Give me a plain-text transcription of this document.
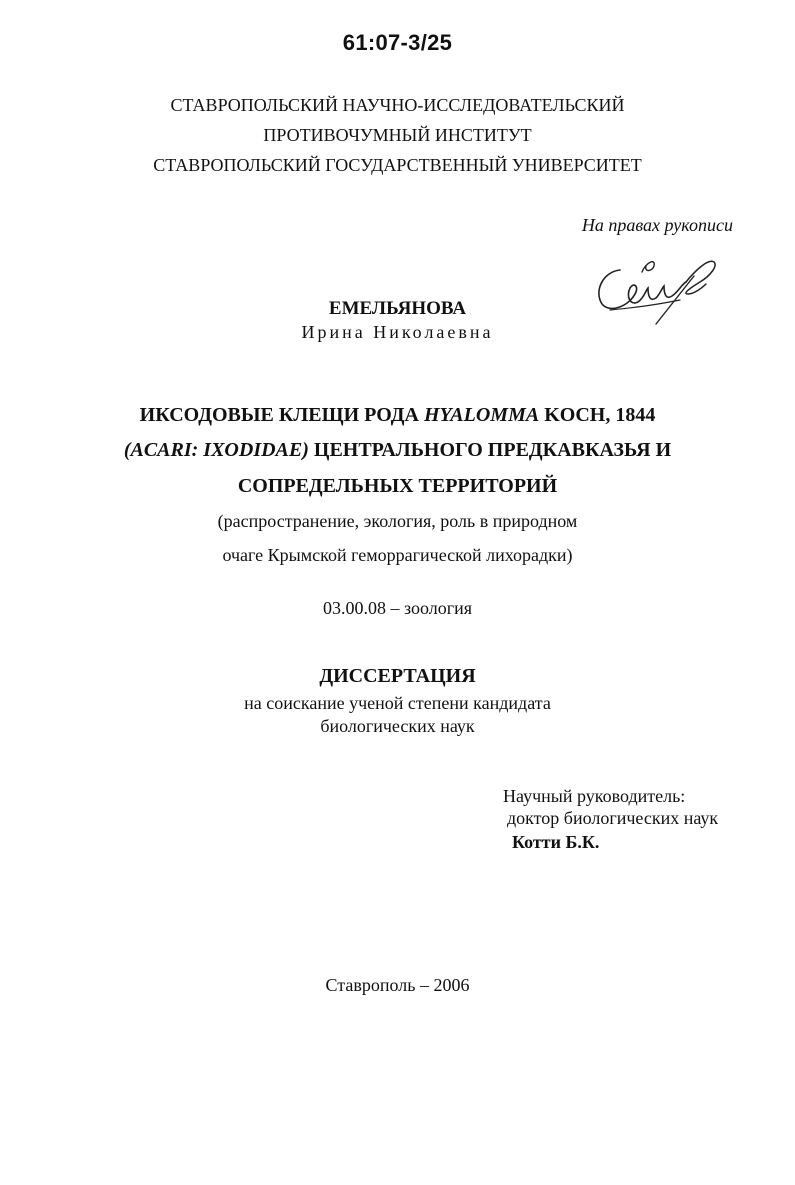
61:07-3/25
СТАВРОПОЛЬСКИЙ НАУЧНО-ИССЛЕДОВАТЕЛЬСКИЙ
ПРОТИВОЧУМНЫЙ ИНСТИТУТ
СТАВРОПОЛЬСКИЙ ГОСУДАРСТВЕННЫЙ УНИВЕРСИТЕТ
На правах рукописи
ЕМЕЛЬЯНОВА
Ирина Николаевна
ИКСОДОВЫЕ КЛЕЩИ РОДА HYALOMMA KOCH, 1844
(ACARI: IXODIDAE) ЦЕНТРАЛЬНОГО ПРЕДКАВКАЗЬЯ И
СОПРЕДЕЛЬНЫХ ТЕРРИТОРИЙ
(распространение, экология, роль в природном
очаге Крымской геморрагической лихорадки)
03.00.08 – зоология
ДИССЕРТАЦИЯ
на соискание ученой степени кандидата
биологических наук
Научный руководитель:
доктор биологических наук
Котти Б.К.
Ставрополь – 2006
